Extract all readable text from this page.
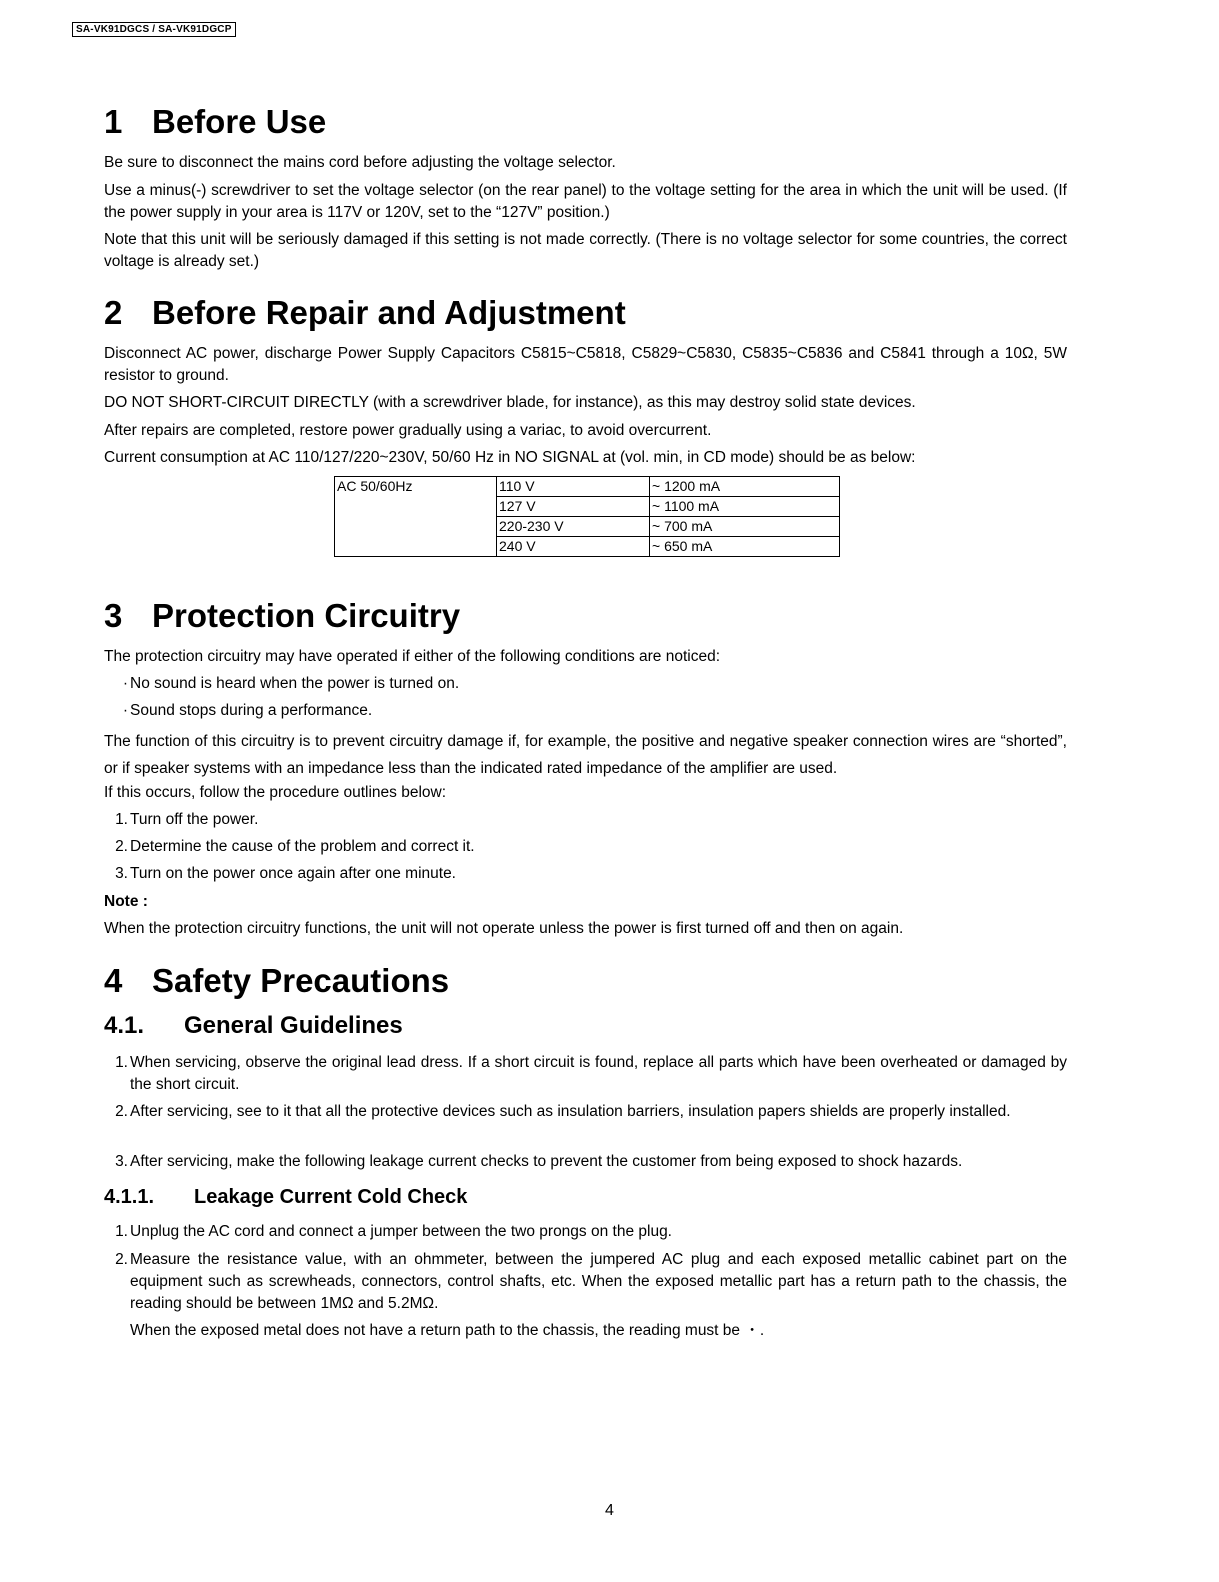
SA-VK91DGCS / SA-VK91DGCP
1 Before Use

Be sure to disconnect the mains cord before adjusting the voltage selector.

Use a minus(-) screwdriver to set the voltage selector (on the rear panel) to the voltage setting for the area in which the unit will be used. (If the power supply in your area is 117V or 120V, set to the “127V” position.)

Note that this unit will be seriously damaged if this setting is not made correctly. (There is no voltage selector for some countries, the correct voltage is already set.)

2 Before Repair and Adjustment

Disconnect AC power, discharge Power Supply Capacitors C5815~C5818, C5829~C5830, C5835~C5836 and C5841 through a 10Ω, 5W resistor to ground.

DO NOT SHORT-CIRCUIT DIRECTLY (with a screwdriver blade, for instance), as this may destroy solid state devices.

After repairs are completed, restore power gradually using a variac, to avoid overcurrent.

Current consumption at AC 110/127/220~230V, 50/60 Hz in NO SIGNAL at (vol. min, in CD mode) should be as below:

3 Protection Circuitry

The protection circuitry may have operated if either of the following conditions are noticed:

· No sound is heard when the power is turned on.
· Sound stops during a performance.

The function of this circuitry is to prevent circuitry damage if, for example, the positive and negative speaker connection wires are “shorted”, or if speaker systems with an impedance less than the indicated rated impedance of the amplifier are used.

If this occurs, follow the procedure outlines below:

1. Turn off the power.
2. Determine the cause of the problem and correct it.
3. Turn on the power once again after one minute.

Note :

When the protection circuitry functions, the unit will not operate unless the power is first turned off and then on again.

4 Safety Precautions
4.1. General Guidelines
1. When servicing, observe the original lead dress. If a short circuit is found, replace all parts which have been overheated or damaged by the short circuit.
2. After servicing, see to it that all the protective devices such as insulation barriers, insulation papers shields are properly installed.
3. After servicing, make the following leakage current checks to prevent the customer from being exposed to shock hazards.
4.1.1. Leakage Current Cold Check
1. Unplug the AC cord and connect a jumper between the two prongs on the plug.
2. Measure the resistance value, with an ohmmeter, between the jumpered AC plug and each exposed metallic cabinet part on the equipment such as screwheads, connectors, control shafts, etc. When the exposed metallic part has a return path to the chassis, the reading should be between 1MΩ and 5.2MΩ.

When the exposed metal does not have a return path to the chassis, the reading must be ・.

AC 50/60Hz	110 V	~ 1200 mA
	127 V	~ 1100 mA
	220-230 V	~ 700 mA
	240 V	~ 650 mA
4
